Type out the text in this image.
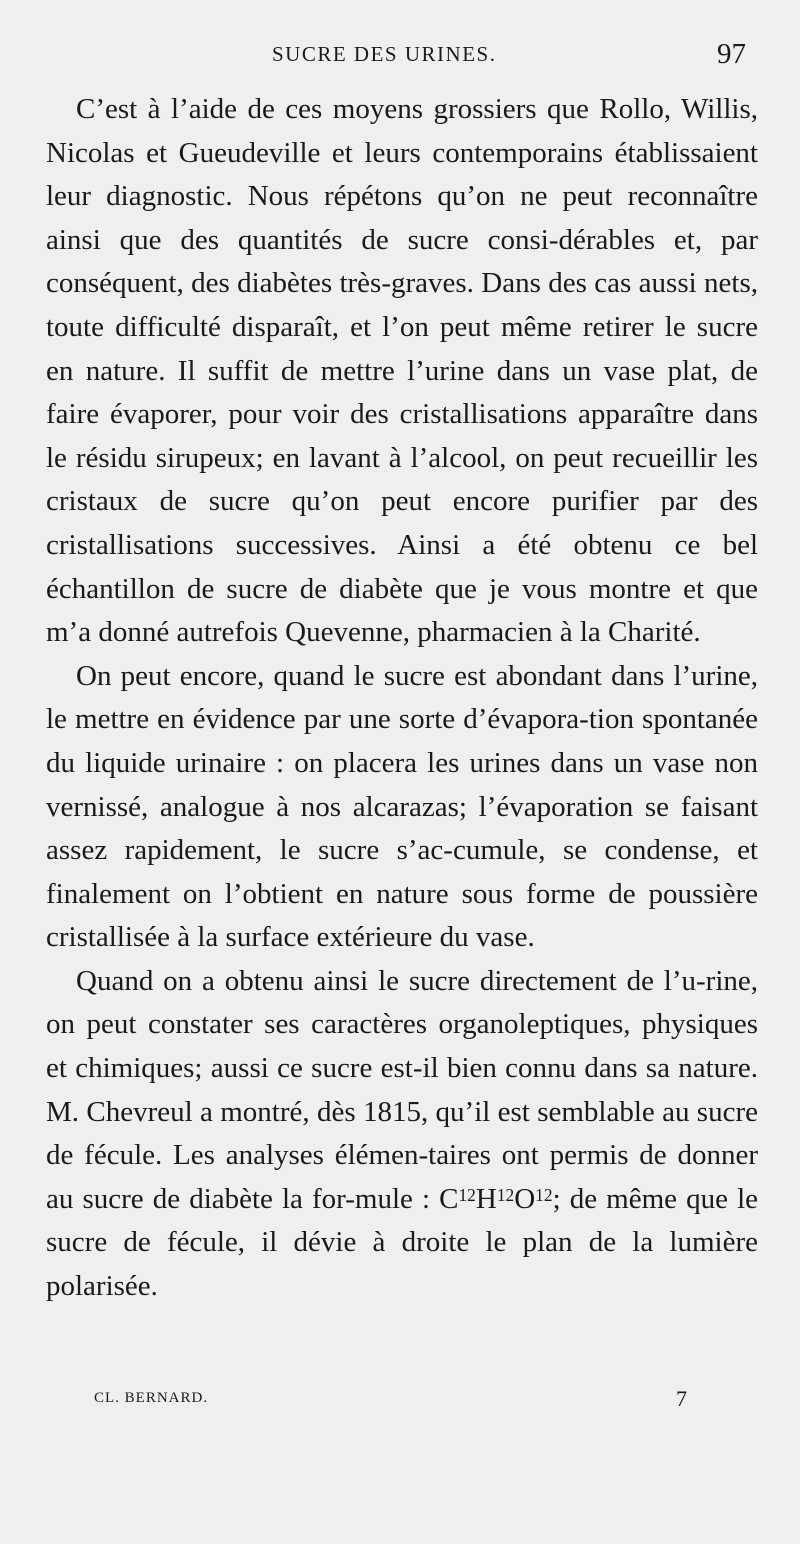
SUCRE DES URINES.	97

C’est à l’aide de ces moyens grossiers que Rollo, Willis, Nicolas et Gueudeville et leurs contemporains établissaient leur diagnostic. Nous répétons qu’on ne peut reconnaître ainsi que des quantités de sucre consi-dérables et, par conséquent, des diabètes très-graves. Dans des cas aussi nets, toute difficulté disparaît, et l’on peut même retirer le sucre en nature. Il suffit de mettre l’urine dans un vase plat, de faire évaporer, pour voir des cristallisations apparaître dans le résidu sirupeux; en lavant à l’alcool, on peut recueillir les cristaux de sucre qu’on peut encore purifier par des cristallisations successives. Ainsi a été obtenu ce bel échantillon de sucre de diabète que je vous montre et que m’a donné autrefois Quevenne, pharmacien à la Charité.

On peut encore, quand le sucre est abondant dans l’urine, le mettre en évidence par une sorte d’évapora-tion spontanée du liquide urinaire : on placera les urines dans un vase non vernissé, analogue à nos alcarazas; l’évaporation se faisant assez rapidement, le sucre s’ac-cumule, se condense, et finalement on l’obtient en nature sous forme de poussière cristallisée à la surface extérieure du vase.

Quand on a obtenu ainsi le sucre directement de l’u-rine, on peut constater ses caractères organoleptiques, physiques et chimiques; aussi ce sucre est-il bien connu dans sa nature. M. Chevreul a montré, dès 1815, qu’il est semblable au sucre de fécule. Les analyses élémen-taires ont permis de donner au sucre de diabète la for-mule : $C^{12}H^{12}O^{12}$; de même que le sucre de fécule, il dévie à droite le plan de la lumière polarisée.

CL. BERNARD.	7
